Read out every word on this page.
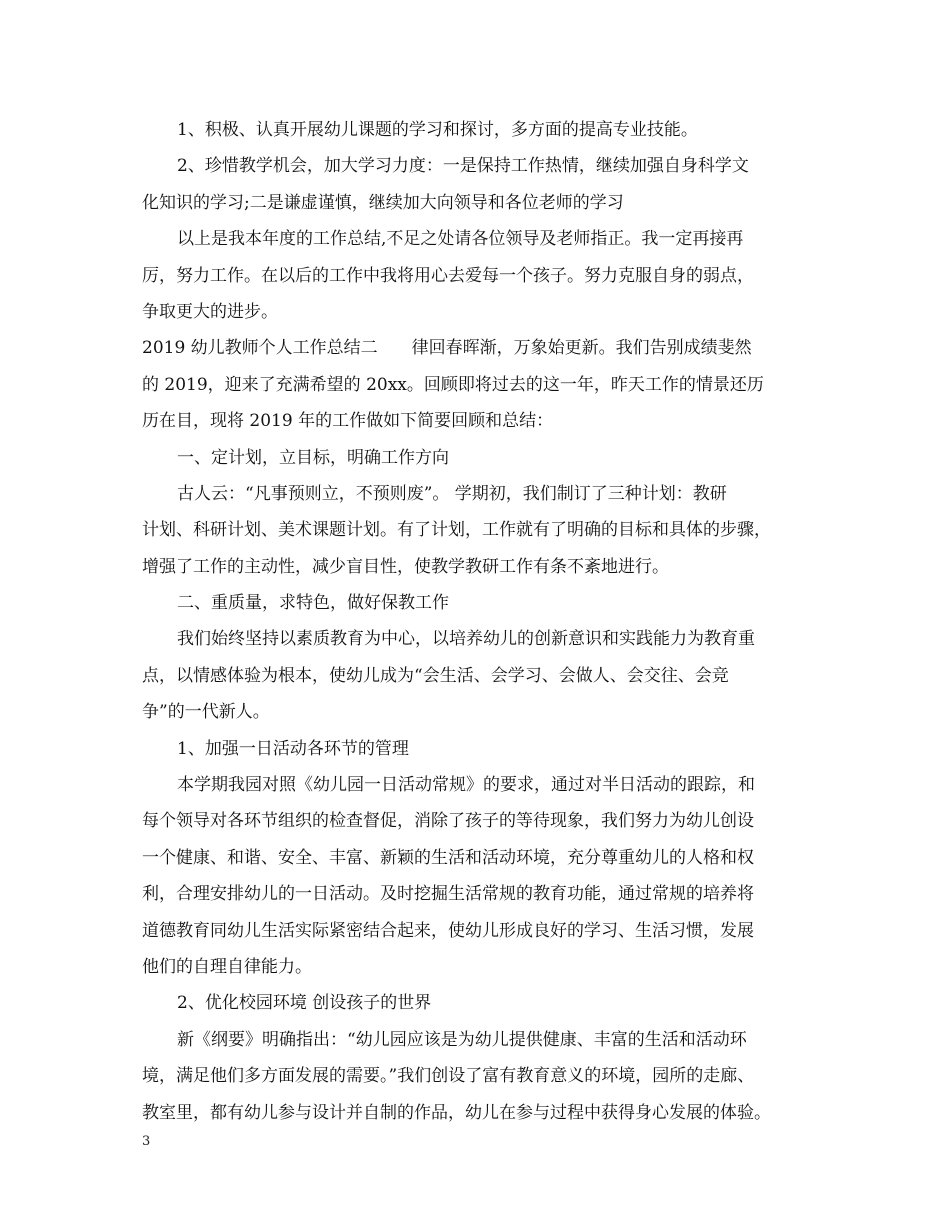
1、积极、认真开展幼儿课题的学习和探讨，多方面的提高专业技能。
2、珍惜教学机会，加大学习力度：一是保持工作热情，继续加强自身科学文
化知识的学习;二是谦虚谨慎，继续加大向领导和各位老师的学习
以上是我本年度的工作总结,不足之处请各位领导及老师指正。我一定再接再
厉，努力工作。在以后的工作中我将用心去爱每一个孩子。努力克服自身的弱点，
争取更大的进步。
2019 幼儿教师个人工作总结二　　律回春晖渐，万象始更新。我们告别成绩斐然
的 2019，迎来了充满希望的 20xx。回顾即将过去的这一年，昨天工作的情景还历
历在目，现将 2019 年的工作做如下简要回顾和总结：
一、定计划，立目标，明确工作方向
古人云：“凡事预则立，不预则废”。 学期初，我们制订了三种计划：教研
计划、科研计划、美术课题计划。有了计划，工作就有了明确的目标和具体的步骤，
增强了工作的主动性，减少盲目性，使教学教研工作有条不紊地进行。
二、重质量，求特色，做好保教工作
我们始终坚持以素质教育为中心，以培养幼儿的创新意识和实践能力为教育重
点，以情感体验为根本，使幼儿成为“会生活、会学习、会做人、会交往、会竞
争”的一代新人。
1、加强一日活动各环节的管理
本学期我园对照《幼儿园一日活动常规》的要求，通过对半日活动的跟踪，和
每个领导对各环节组织的检查督促，消除了孩子的等待现象，我们努力为幼儿创设
一个健康、和谐、安全、丰富、新颖的生活和活动环境，充分尊重幼儿的人格和权
利，合理安排幼儿的一日活动。及时挖掘生活常规的教育功能，通过常规的培养将
道德教育同幼儿生活实际紧密结合起来，使幼儿形成良好的学习、生活习惯，发展
他们的自理自律能力。
2、优化校园环境 创设孩子的世界
新《纲要》明确指出：“幼儿园应该是为幼儿提供健康、丰富的生活和活动环
境，满足他们多方面发展的需要。”我们创设了富有教育意义的环境，园所的走廊、
教室里，都有幼儿参与设计并自制的作品，幼儿在参与过程中获得身心发展的体验。
3
